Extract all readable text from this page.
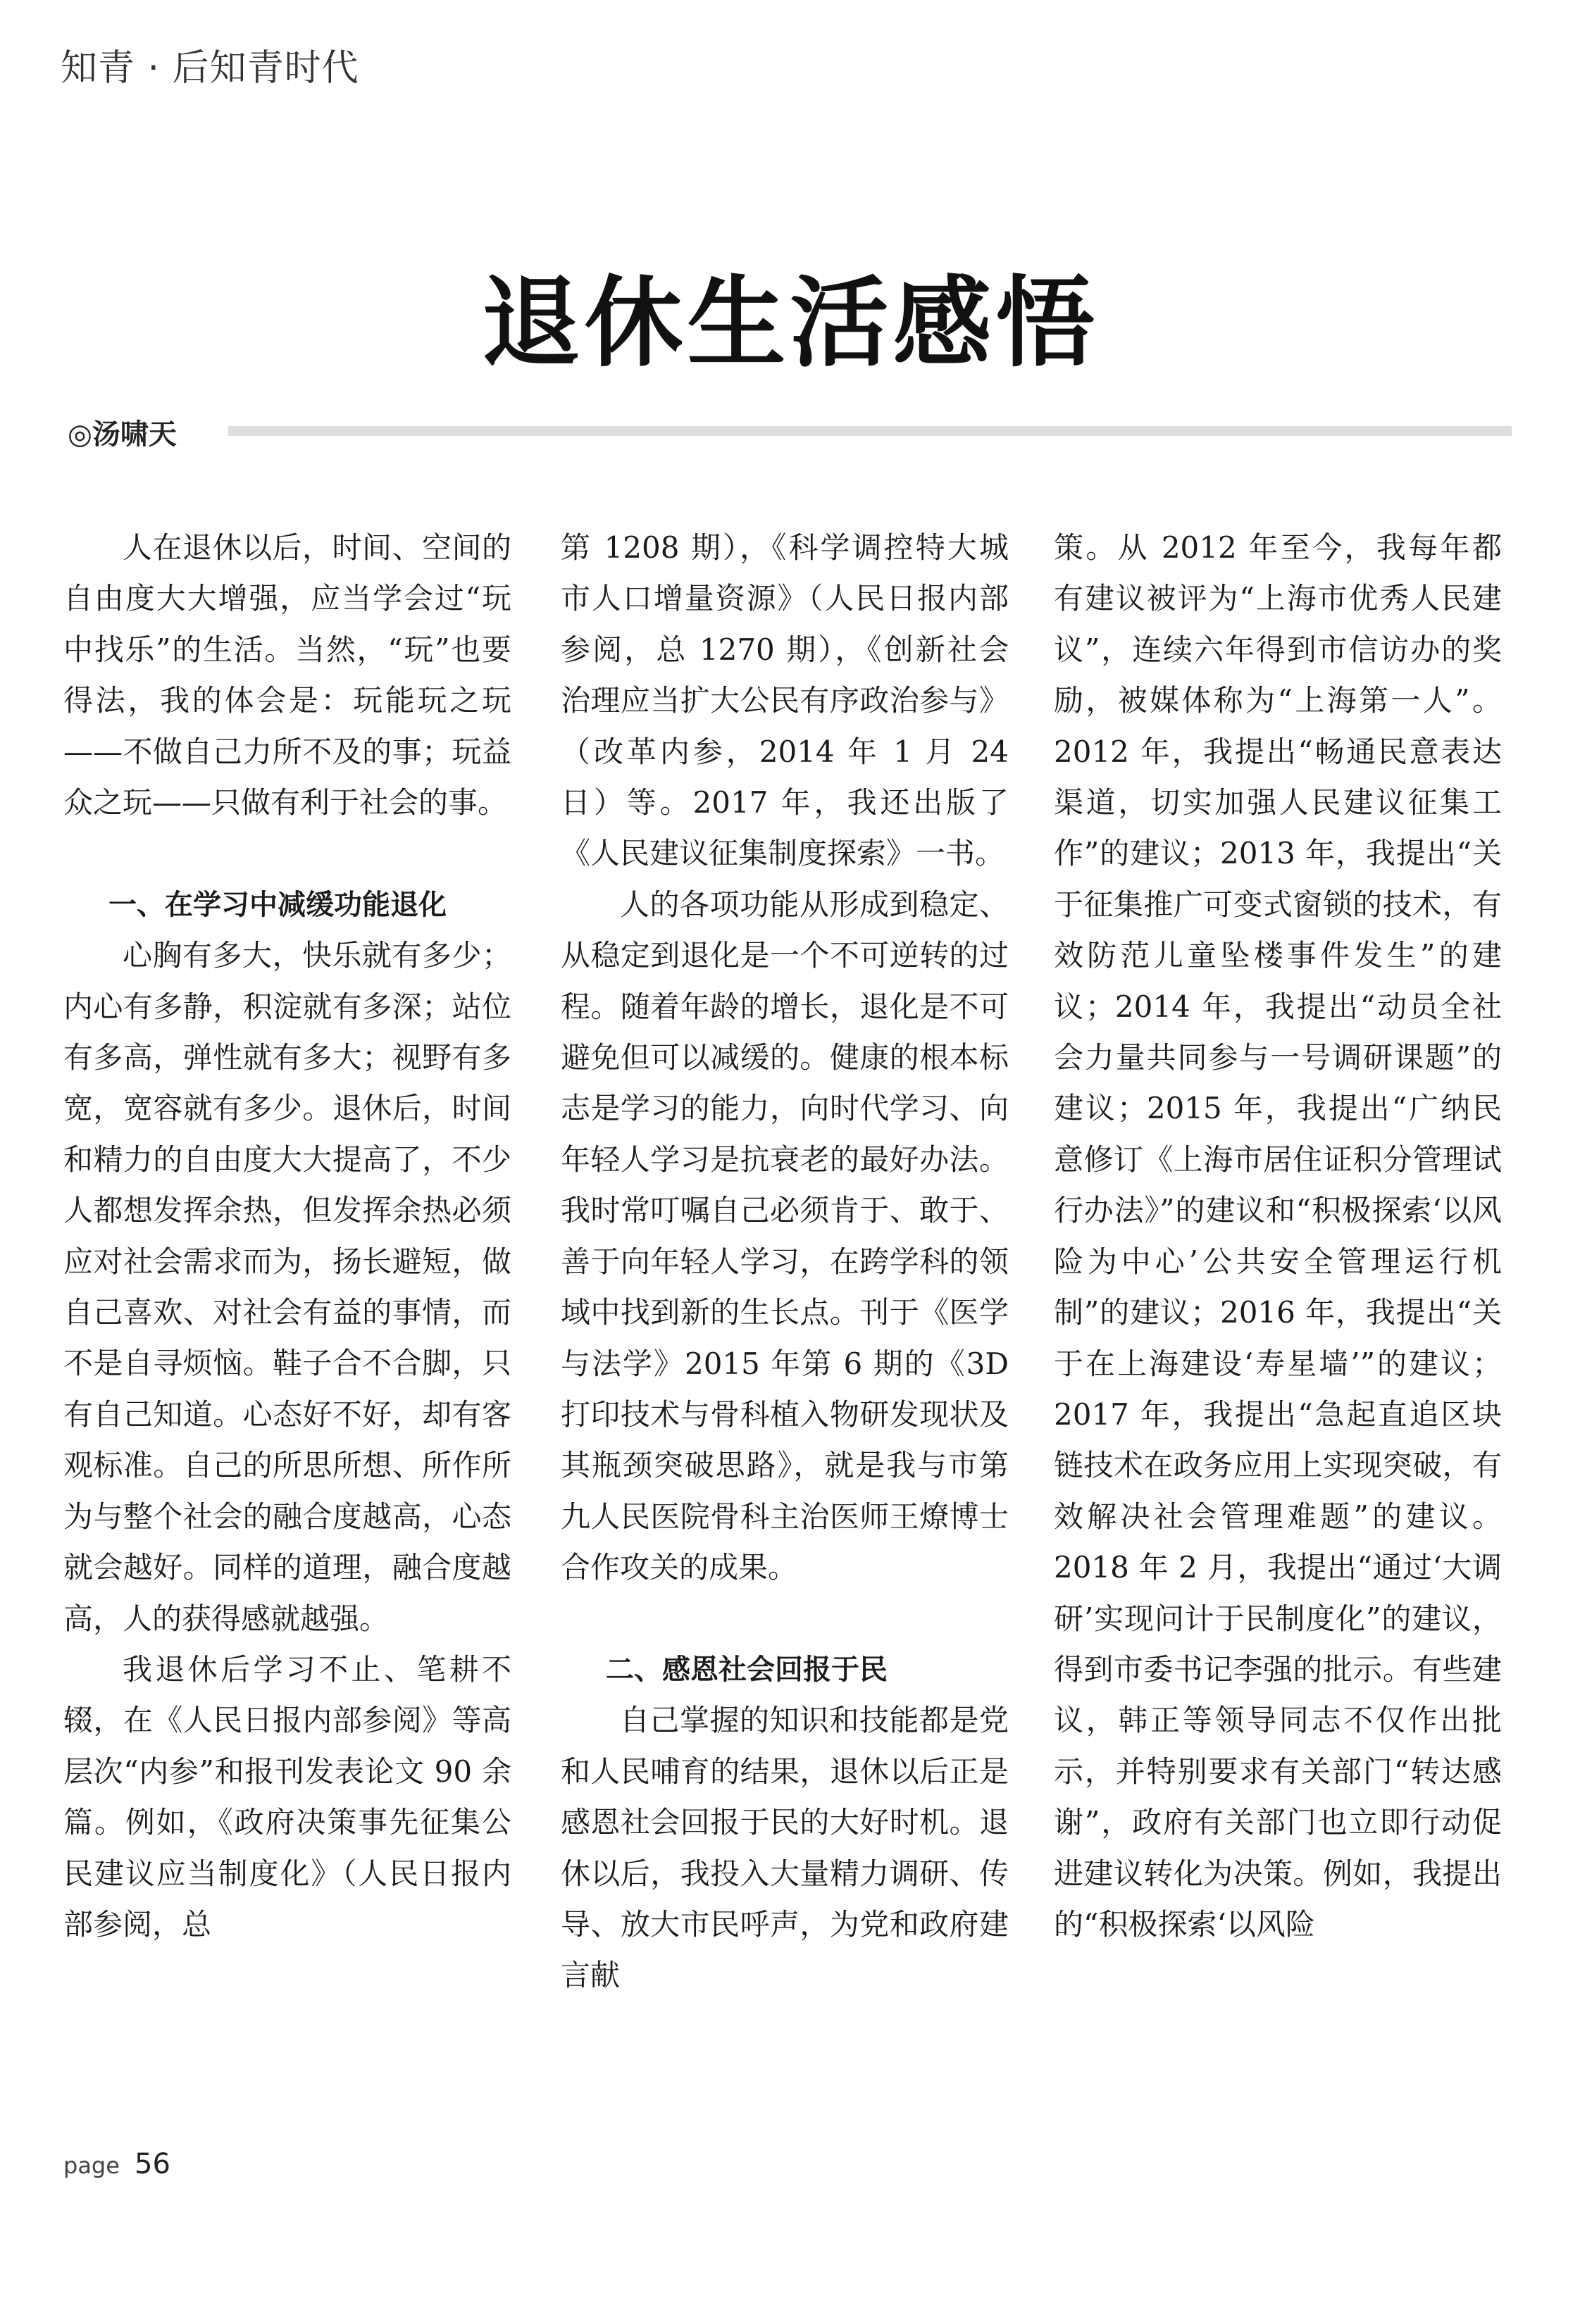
知青 · 后知青时代
退休生活感悟
◎汤啸天

人在退休以后，时间、空间的自由度大大增强，应当学会过“玩中找乐”的生活。当然，“玩”也要得法，我的体会是：玩能玩之玩——不做自己力所不及的事；玩益众之玩——只做有利于社会的事。

一、在学习中减缓功能退化

心胸有多大，快乐就有多少；内心有多静，积淀就有多深；站位有多高，弹性就有多大；视野有多宽，宽容就有多少。退休后，时间和精力的自由度大大提高了，不少人都想发挥余热，但发挥余热必须应对社会需求而为，扬长避短，做自己喜欢、对社会有益的事情，而不是自寻烦恼。鞋子合不合脚，只有自己知道。心态好不好，却有客观标准。自己的所思所想、所作所为与整个社会的融合度越高，心态就会越好。同样的道理，融合度越高，人的获得感就越强。

我退休后学习不止、笔耕不辍，在《人民日报内部参阅》等高层次“内参”和报刊发表论文 90 余篇。例如，《政府决策事先征集公民建议应当制度化》（人民日报内部参阅，总

第 1208 期），《科学调控特大城市人口增量资源》（人民日报内部参阅，总 1270 期），《创新社会治理应当扩大公民有序政治参与》（改革内参，2014 年 1 月 24 日）等。2017 年，我还出版了《人民建议征集制度探索》一书。

人的各项功能从形成到稳定、从稳定到退化是一个不可逆转的过程。随着年龄的增长，退化是不可避免但可以减缓的。健康的根本标志是学习的能力，向时代学习、向年轻人学习是抗衰老的最好办法。我时常叮嘱自己必须肯于、敢于、善于向年轻人学习，在跨学科的领域中找到新的生长点。刊于《医学与法学》2015 年第 6 期的《3D 打印技术与骨科植入物研发现状及其瓶颈突破思路》，就是我与市第九人民医院骨科主治医师王燎博士合作攻关的成果。

二、感恩社会回报于民

自己掌握的知识和技能都是党和人民哺育的结果，退休以后正是感恩社会回报于民的大好时机。退休以后，我投入大量精力调研、传导、放大市民呼声，为党和政府建言献

策。从 2012 年至今，我每年都有建议被评为“上海市优秀人民建议”，连续六年得到市信访办的奖励，被媒体称为“上海第一人”。2012 年，我提出“畅通民意表达渠道，切实加强人民建议征集工作”的建议；2013 年，我提出“关于征集推广可变式窗锁的技术，有效防范儿童坠楼事件发生”的建议；2014 年，我提出“动员全社会力量共同参与一号调研课题”的建议；2015 年，我提出“广纳民意修订《上海市居住证积分管理试行办法》”的建议和“积极探索‘以风险为中心’公共安全管理运行机制”的建议；2016 年，我提出“关于在上海建设‘寿星墙’”的建议；2017 年，我提出“急起直追区块链技术在政务应用上实现突破，有效解决社会管理难题”的建议。2018 年 2 月，我提出“通过‘大调研’实现问计于民制度化”的建议，得到市委书记李强的批示。有些建议，韩正等领导同志不仅作出批示，并特别要求有关部门“转达感谢”，政府有关部门也立即行动促进建议转化为决策。例如，我提出的“积极探索‘以风险

page 56
